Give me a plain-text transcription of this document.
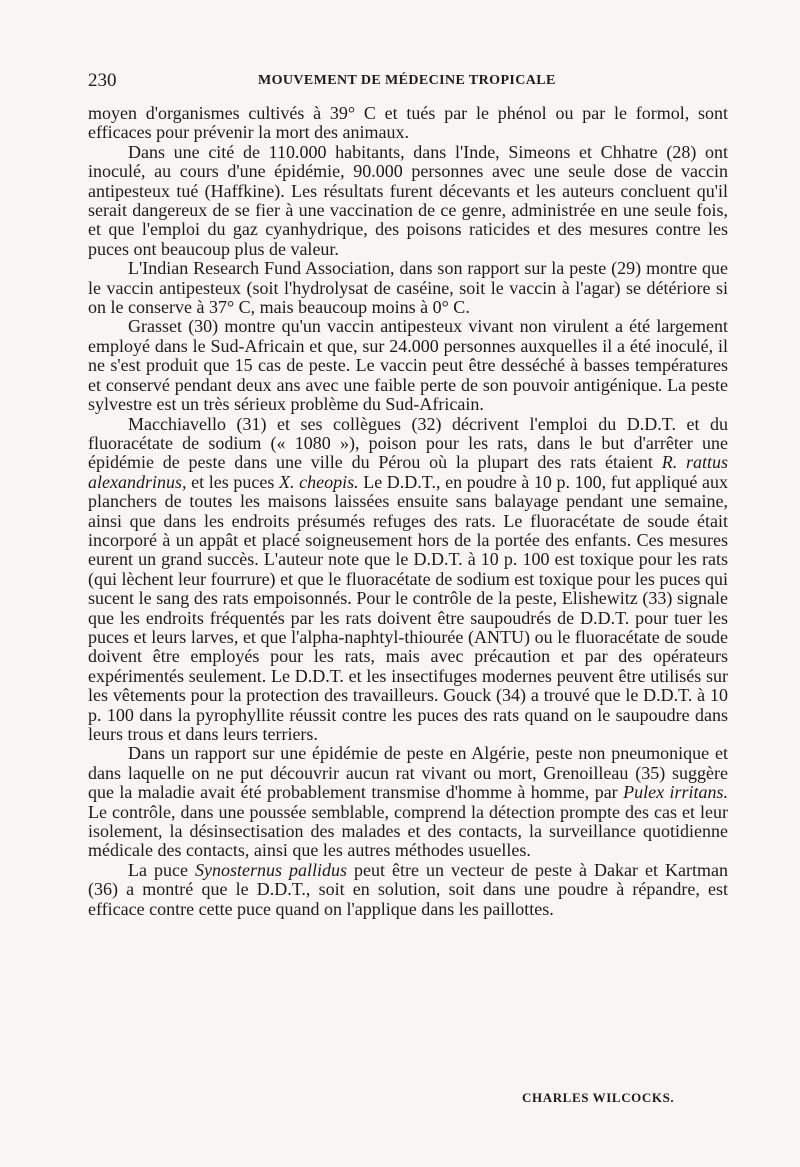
230	MOUVEMENT DE MÉDECINE TROPICALE

moyen d'organismes cultivés à 39° C et tués par le phénol ou par le formol, sont efficaces pour prévenir la mort des animaux.

Dans une cité de 110.000 habitants, dans l'Inde, Simeons et Chhatre (28) ont inoculé, au cours d'une épidémie, 90.000 personnes avec une seule dose de vaccin antipesteux tué (Haffkine). Les résultats furent décevants et les auteurs concluent qu'il serait dangereux de se fier à une vaccination de ce genre, administrée en une seule fois, et que l'emploi du gaz cyanhydrique, des poisons raticides et des mesures contre les puces ont beaucoup plus de valeur.

L'Indian Research Fund Association, dans son rapport sur la peste (29) montre que le vaccin antipesteux (soit l'hydrolysat de caséine, soit le vaccin à l'agar) se détériore si on le conserve à 37° C, mais beaucoup moins à 0° C.

Grasset (30) montre qu'un vaccin antipesteux vivant non virulent a été largement employé dans le Sud-Africain et que, sur 24.000 personnes auxquelles il a été inoculé, il ne s'est produit que 15 cas de peste. Le vaccin peut être desséché à basses températures et conservé pendant deux ans avec une faible perte de son pouvoir antigénique. La peste sylvestre est un très sérieux problème du Sud-Africain.

Macchiavello (31) et ses collègues (32) décrivent l'emploi du D.D.T. et du fluoracétate de sodium (« 1080 »), poison pour les rats, dans le but d'arrêter une épidémie de peste dans une ville du Pérou où la plupart des rats étaient R. rattus alexandrinus, et les puces X. cheopis. Le D.D.T., en poudre à 10 p. 100, fut appliqué aux planchers de toutes les maisons laissées ensuite sans balayage pendant une semaine, ainsi que dans les endroits présumés refuges des rats. Le fluoracétate de soude était incorporé à un appât et placé soigneusement hors de la portée des enfants. Ces mesures eurent un grand succès. L'auteur note que le D.D.T. à 10 p. 100 est toxique pour les rats (qui lèchent leur fourrure) et que le fluoracétate de sodium est toxique pour les puces qui sucent le sang des rats empoisonnés. Pour le contrôle de la peste, Elishewitz (33) signale que les endroits fréquentés par les rats doivent être saupoudrés de D.D.T. pour tuer les puces et leurs larves, et que l'alpha-naphtyl-thiourée (ANTU) ou le fluoracétate de soude doivent être employés pour les rats, mais avec précaution et par des opérateurs expérimentés seulement. Le D.D.T. et les insectifuges modernes peuvent être utilisés sur les vêtements pour la protection des travailleurs. Gouck (34) a trouvé que le D.D.T. à 10 p. 100 dans la pyrophyllite réussit contre les puces des rats quand on le saupoudre dans leurs trous et dans leurs terriers.

Dans un rapport sur une épidémie de peste en Algérie, peste non pneumonique et dans laquelle on ne put découvrir aucun rat vivant ou mort, Grenoilleau (35) suggère que la maladie avait été probablement transmise d'homme à homme, par Pulex irritans. Le contrôle, dans une poussée semblable, comprend la détection prompte des cas et leur isolement, la désinsectisation des malades et des contacts, la surveillance quotidienne médicale des contacts, ainsi que les autres méthodes usuelles.

La puce Synosternus pallidus peut être un vecteur de peste à Dakar et Kartman (36) a montré que le D.D.T., soit en solution, soit dans une poudre à répandre, est efficace contre cette puce quand on l'applique dans les paillottes.

CHARLES WILCOCKS.
